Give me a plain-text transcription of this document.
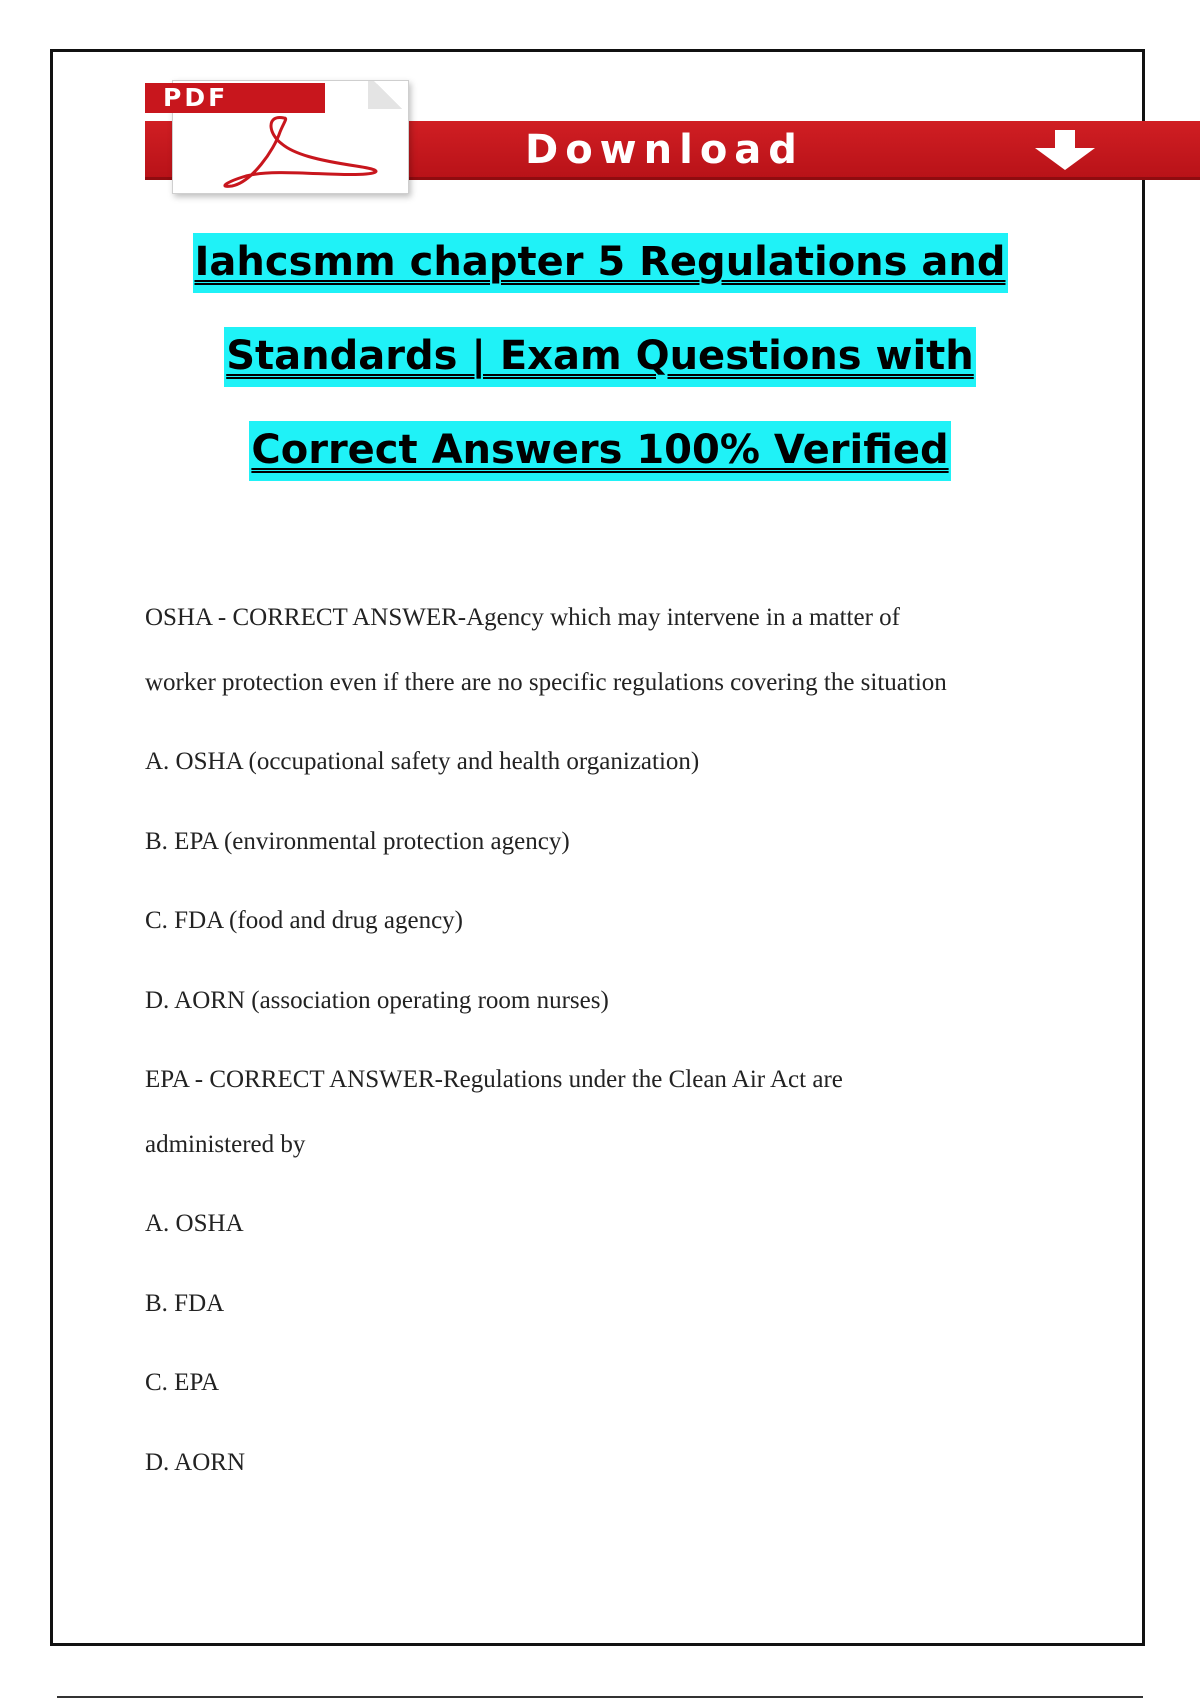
PDF
Download
Iahcsmm chapter 5 Regulations and
Standards | Exam Questions with
Correct Answers 100% Verified
OSHA - CORRECT ANSWER-Agency which may intervene in a matter of
worker protection even if there are no specific regulations covering the situation
A. OSHA (occupational safety and health organization)
B. EPA (environmental protection agency)
C. FDA (food and drug agency)
D. AORN (association operating room nurses)
EPA - CORRECT ANSWER-Regulations under the Clean Air Act are
administered by
A. OSHA
B. FDA
C. EPA
D. AORN
